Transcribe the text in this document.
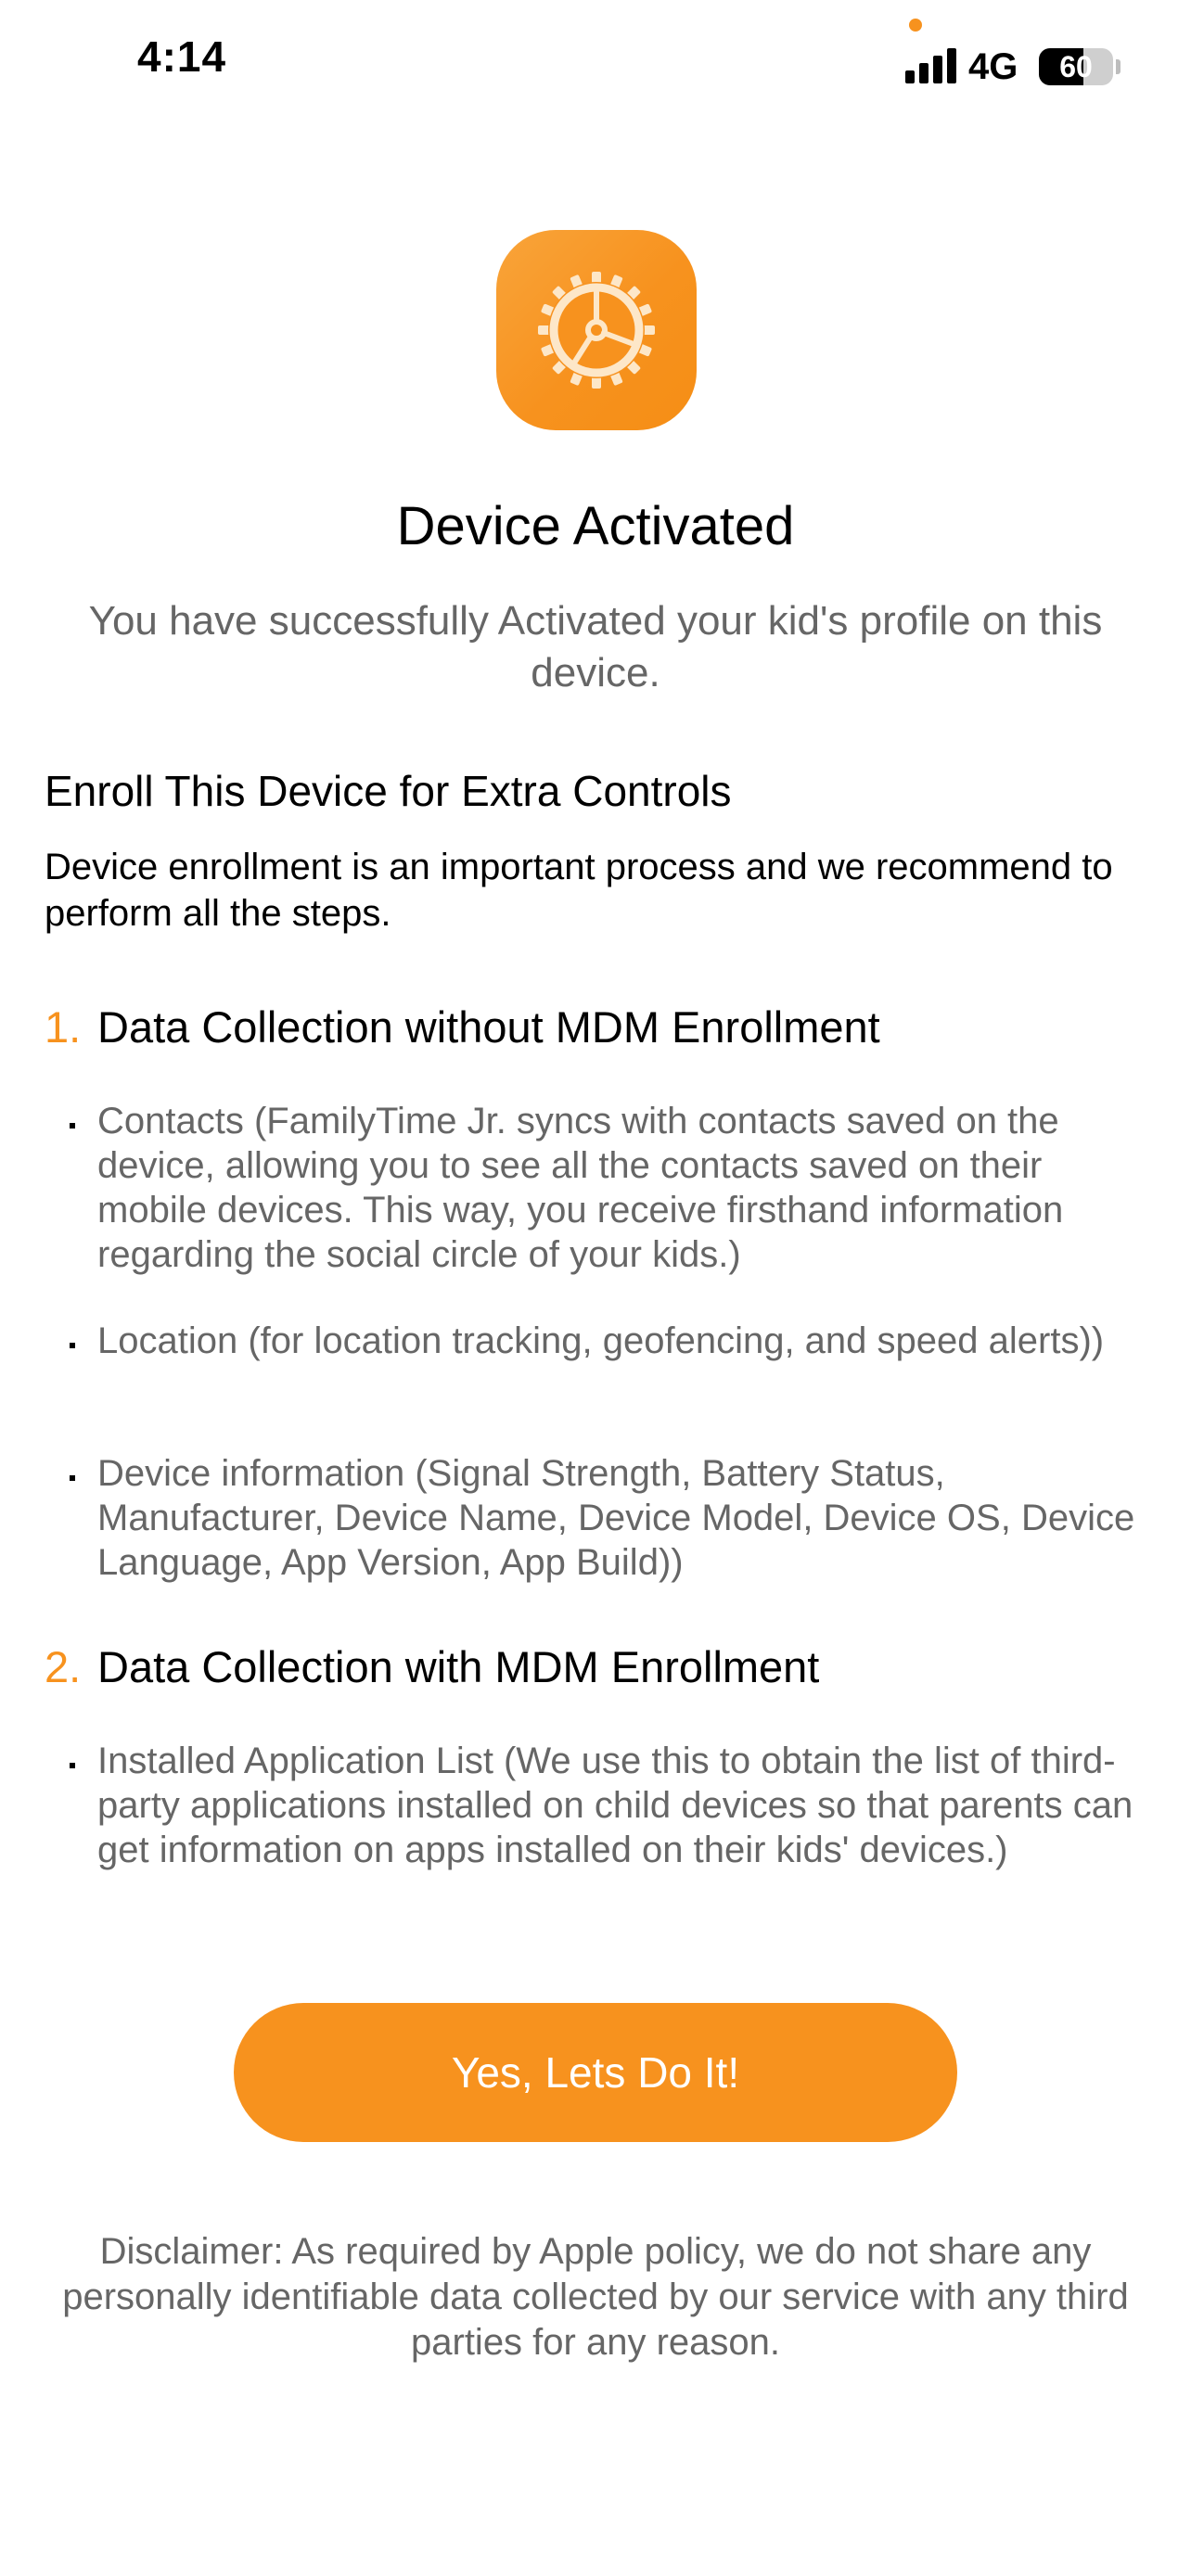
4:14	4G	60
Device Activated
You have successfully Activated your kid's profile on this device.
Enroll This Device for Extra Controls
Device enrollment is an important process and we recommend to perform all the steps.
1. Data Collection without MDM Enrollment
Contacts (FamilyTime Jr. syncs with contacts saved on the device, allowing you to see all the contacts saved on their mobile devices. This way, you receive firsthand information regarding the social circle of your kids.)
Location (for location tracking, geofencing, and speed alerts))
Device information (Signal Strength, Battery Status, Manufacturer, Device Name, Device Model, Device OS, Device Language, App Version, App Build))
2. Data Collection with MDM Enrollment
Installed Application List (We use this to obtain the list of third-party applications installed on child devices so that parents can get information on apps installed on their kids' devices.)
Yes, Lets Do It!
Disclaimer: As required by Apple policy, we do not share any personally identifiable data collected by our service with any third parties for any reason.
